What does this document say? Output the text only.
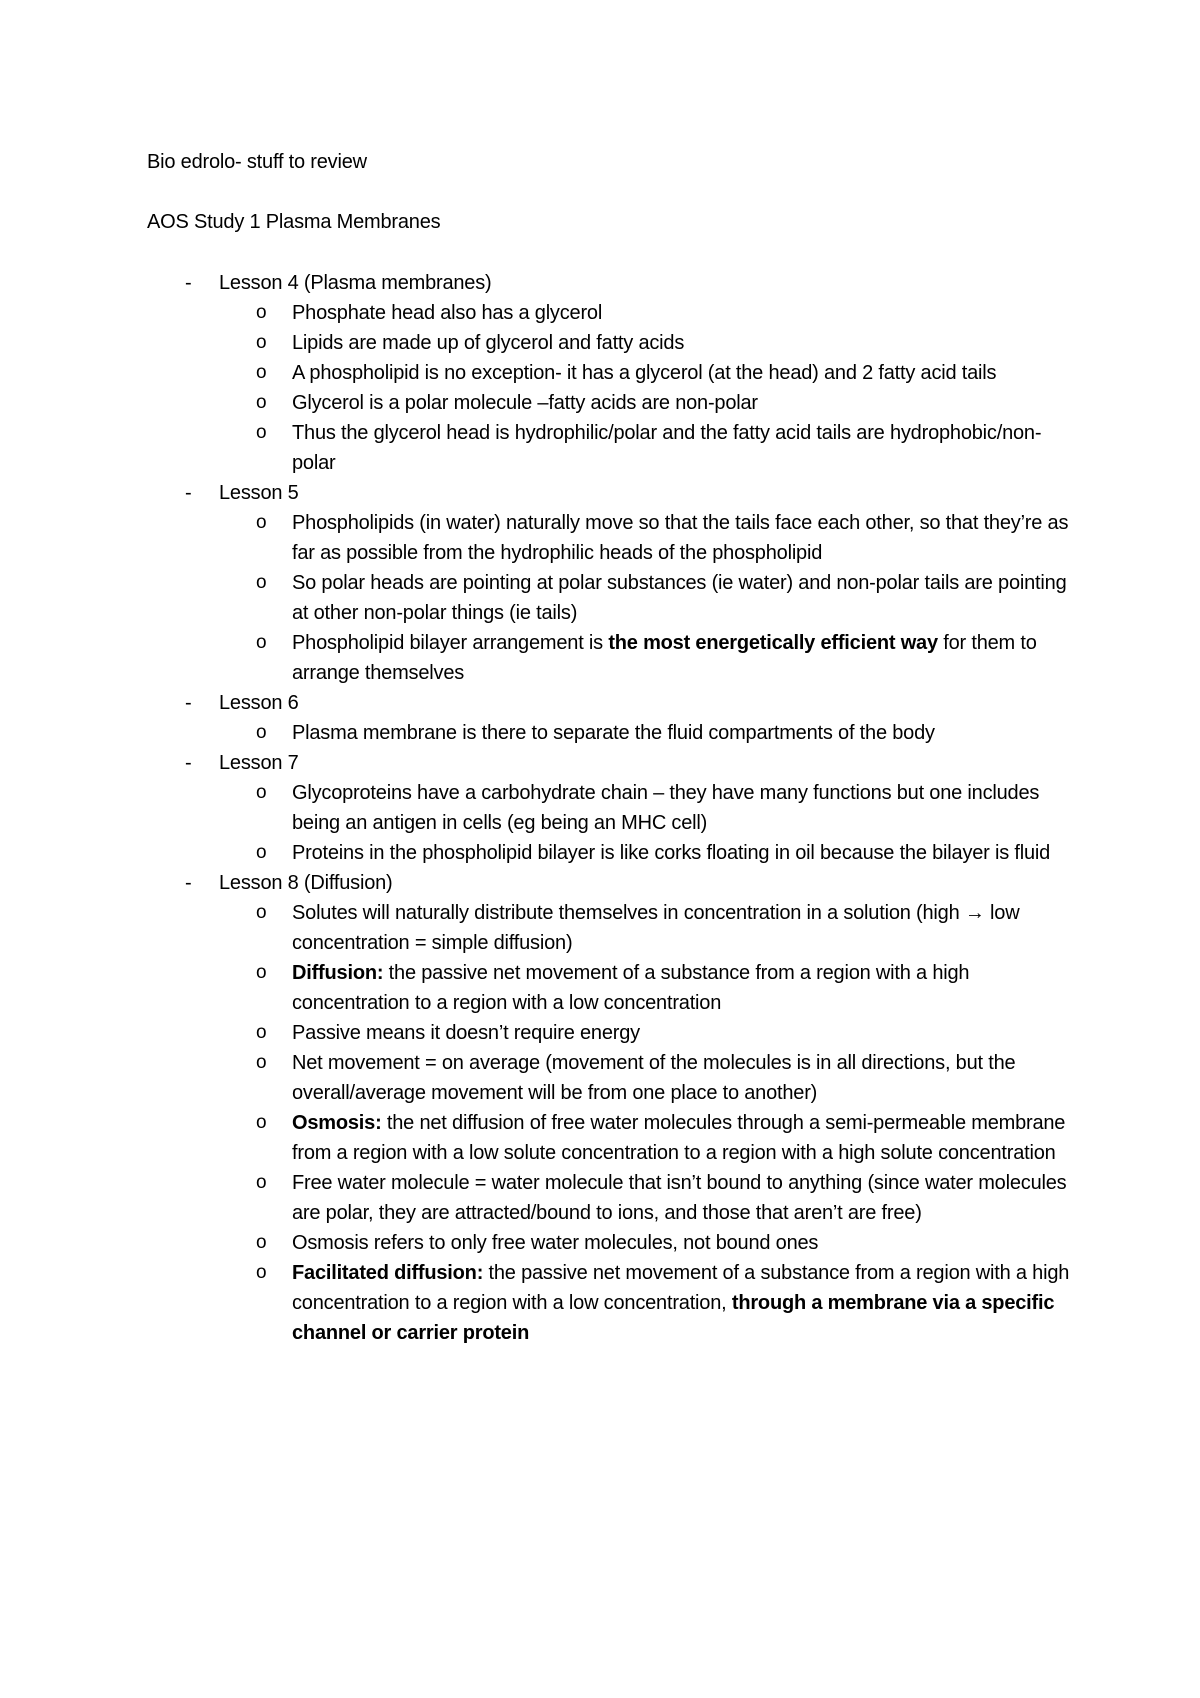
Bio edrolo- stuff to review
AOS Study 1 Plasma Membranes
- Lesson 4 (Plasma membranes)
o Phosphate head also has a glycerol
o Lipids are made up of glycerol and fatty acids
o A phospholipid is no exception- it has a glycerol (at the head) and 2 fatty acid tails
o Glycerol is a polar molecule –fatty acids are non-polar
o Thus the glycerol head is hydrophilic/polar and the fatty acid tails are hydrophobic/non-polar
- Lesson 5
o Phospholipids (in water) naturally move so that the tails face each other, so that they’re as far as possible from the hydrophilic heads of the phospholipid
o So polar heads are pointing at polar substances (ie water) and non-polar tails are pointing at other non-polar things (ie tails)
o Phospholipid bilayer arrangement is the most energetically efficient way for them to arrange themselves
- Lesson 6
o Plasma membrane is there to separate the fluid compartments of the body
- Lesson 7
o Glycoproteins have a carbohydrate chain – they have many functions but one includes being an antigen in cells (eg being an MHC cell)
o Proteins in the phospholipid bilayer is like corks floating in oil because the bilayer is fluid
- Lesson 8 (Diffusion)
o Solutes will naturally distribute themselves in concentration in a solution (high → low concentration = simple diffusion)
o Diffusion: the passive net movement of a substance from a region with a high concentration to a region with a low concentration
o Passive means it doesn’t require energy
o Net movement = on average (movement of the molecules is in all directions, but the overall/average movement will be from one place to another)
o Osmosis: the net diffusion of free water molecules through a semi-permeable membrane from a region with a low solute concentration to a region with a high solute concentration
o Free water molecule = water molecule that isn’t bound to anything (since water molecules are polar, they are attracted/bound to ions, and those that aren’t are free)
o Osmosis refers to only free water molecules, not bound ones
o Facilitated diffusion: the passive net movement of a substance from a region with a high concentration to a region with a low concentration, through a membrane via a specific channel or carrier protein
